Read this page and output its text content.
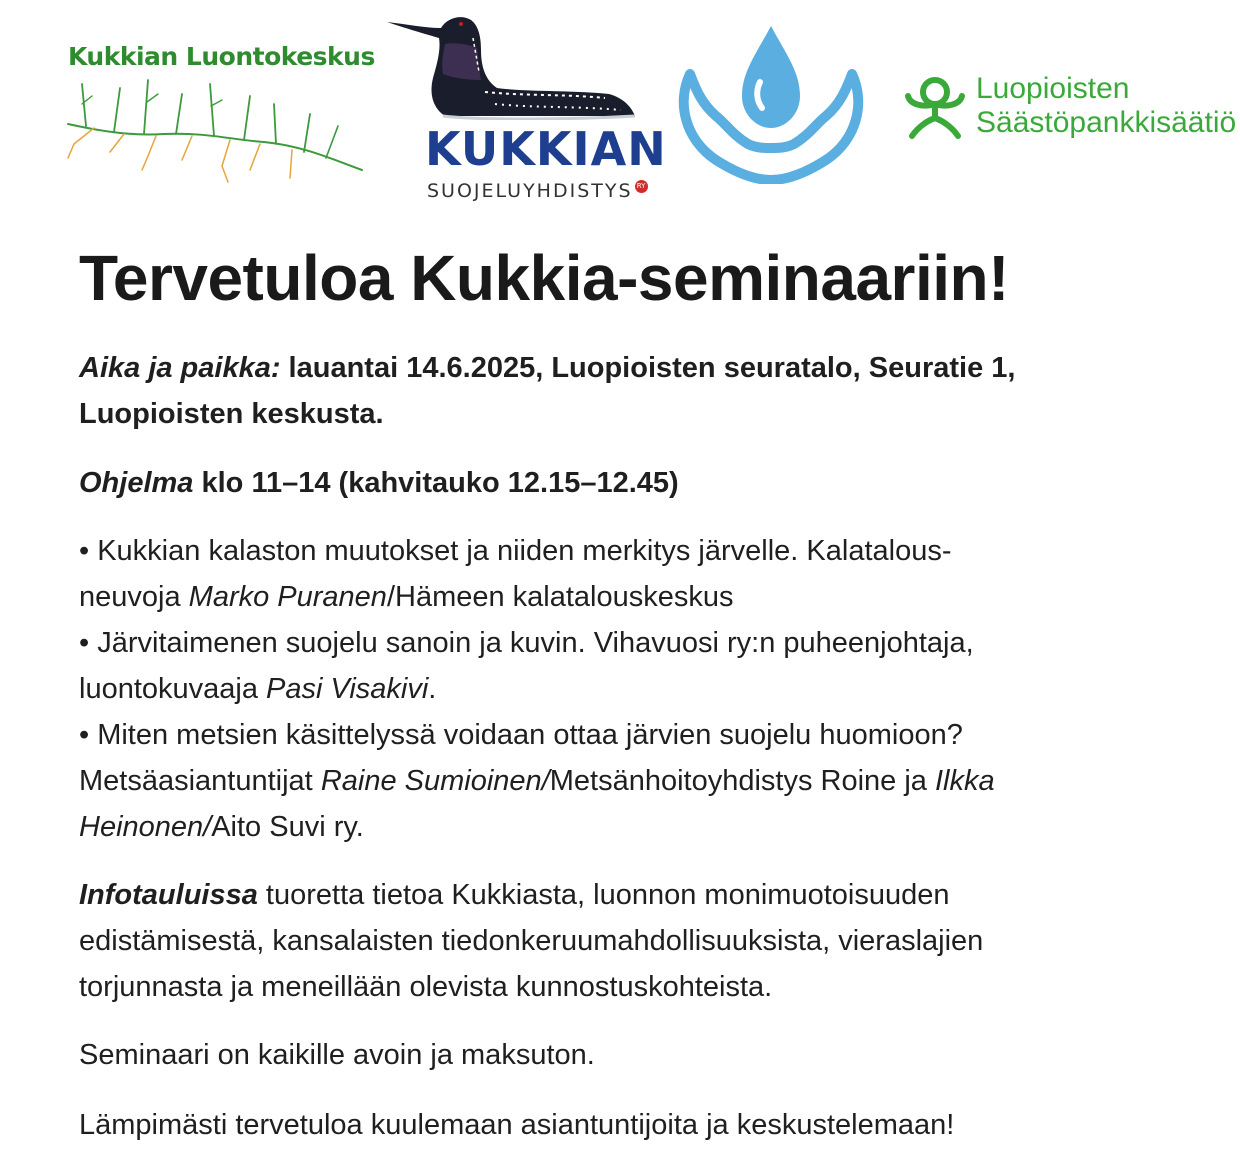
Kukkian Luontokeskus
KUKKIAN
SUOJELUYHDISTYS RY
Luopioisten
Säästöpankkisäätiö
Tervetuloa Kukkia-seminaariin!

Aika ja paikka: lauantai 14.6.2025, Luopioisten seuratalo, Seuratie 1,
Luopioisten keskusta.

Ohjelma klo 11–14 (kahvitauko 12.15–12.45)

• Kukkian kalaston muutokset ja niiden merkitys järvelle. Kalatalous-
neuvoja Marko Puranen/Hämeen kalatalouskeskus
• Järvitaimenen suojelu sanoin ja kuvin. Vihavuosi ry:n puheenjohtaja,
luontokuvaaja Pasi Visakivi.
• Miten metsien käsittelyssä voidaan ottaa järvien suojelu huomioon?
Metsäasiantuntijat Raine Sumioinen/Metsänhoitoyhdistys Roine ja Ilkka
Heinonen/Aito Suvi ry.

Infotauluissa tuoretta tietoa Kukkiasta, luonnon monimuotoisuuden
edistämisestä, kansalaisten tiedonkeruumahdollisuuksista, vieraslajien
torjunnasta ja meneillään olevista kunnostuskohteista.

Seminaari on kaikille avoin ja maksuton.

Lämpimästi tervetuloa kuulemaan asiantuntijoita ja keskustelemaan!
